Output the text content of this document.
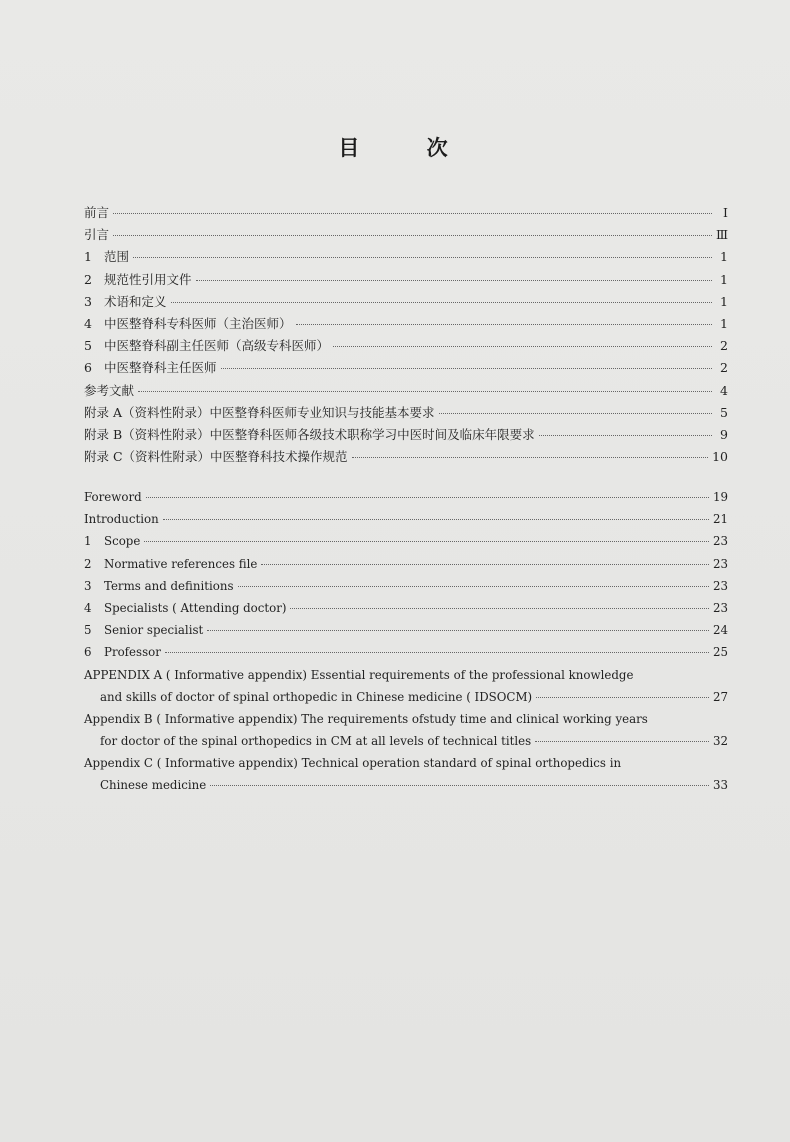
目 次
前言	Ⅰ
引言	Ⅲ
1 范围	1
2 规范性引用文件	1
3 术语和定义	1
4 中医整脊科专科医师（主治医师）	1
5 中医整脊科副主任医师（高级专科医师）	2
6 中医整脊科主任医师	2
参考文献	4
附录 A（资料性附录）中医整脊科医师专业知识与技能基本要求	5
附录 B（资料性附录）中医整脊科医师各级技术职称学习中医时间及临床年限要求	9
附录 C（资料性附录）中医整脊科技术操作规范	10
Foreword	19
Introduction	21
1	Scope	23
2	Normative references file	23
3	Terms and definitions	23
4	Specialists ( Attending doctor)	23
5	Senior specialist	24
6	Professor	25
APPENDIX A ( Informative appendix) Essential requirements of the professional knowledge
and skills of doctor of spinal orthopedic in Chinese medicine ( IDSOCM)	27
Appendix B ( Informative appendix) The requirements ofstudy time and clinical working years
for doctor of the spinal orthopedics in CM at all levels of technical titles	32
Appendix C ( Informative appendix) Technical operation standard of spinal orthopedics in
Chinese medicine	33
